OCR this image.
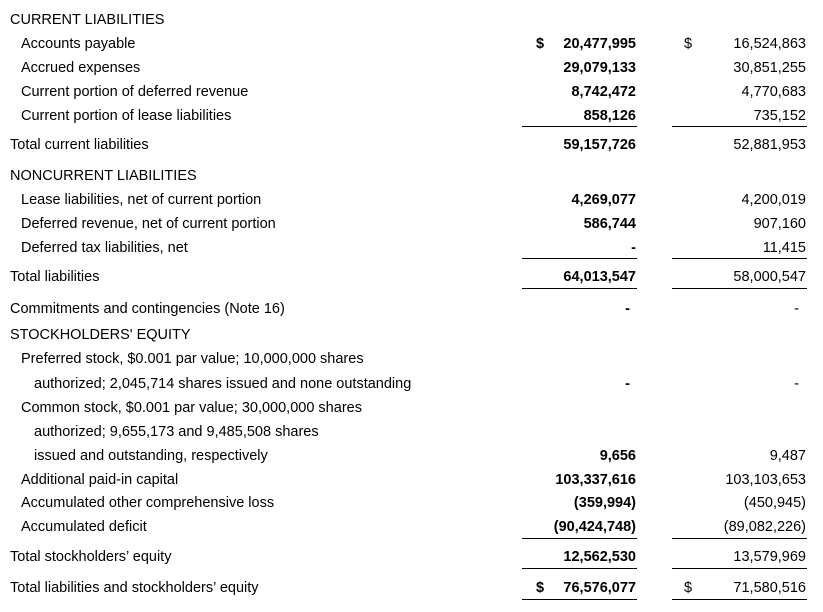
CURRENT LIABILITIES
Accounts payable	$	20,477,995	$	16,524,863
Accrued expenses	29,079,133	30,851,255
Current portion of deferred revenue	8,742,472	4,770,683
Current portion of lease liabilities	858,126	735,152
Total current liabilities	59,157,726	52,881,953
NONCURRENT LIABILITIES
Lease liabilities, net of current portion	4,269,077	4,200,019
Deferred revenue, net of current portion	586,744	907,160
Deferred tax liabilities, net	-	11,415
Total liabilities	64,013,547	58,000,547
Commitments and contingencies (Note 16)	-	-
STOCKHOLDERS' EQUITY
Preferred stock, $0.001 par value; 10,000,000 shares
authorized; 2,045,714 shares issued and none outstanding	-	-
Common stock, $0.001 par value; 30,000,000 shares
authorized; 9,655,173 and 9,485,508 shares
issued and outstanding, respectively	9,656	9,487
Additional paid-in capital	103,337,616	103,103,653
Accumulated other comprehensive loss	(359,994)	(450,945)
Accumulated deficit	(90,424,748)	(89,082,226)
Total stockholders’ equity	12,562,530	13,579,969
Total liabilities and stockholders’ equity	$	76,576,077	$	71,580,516
